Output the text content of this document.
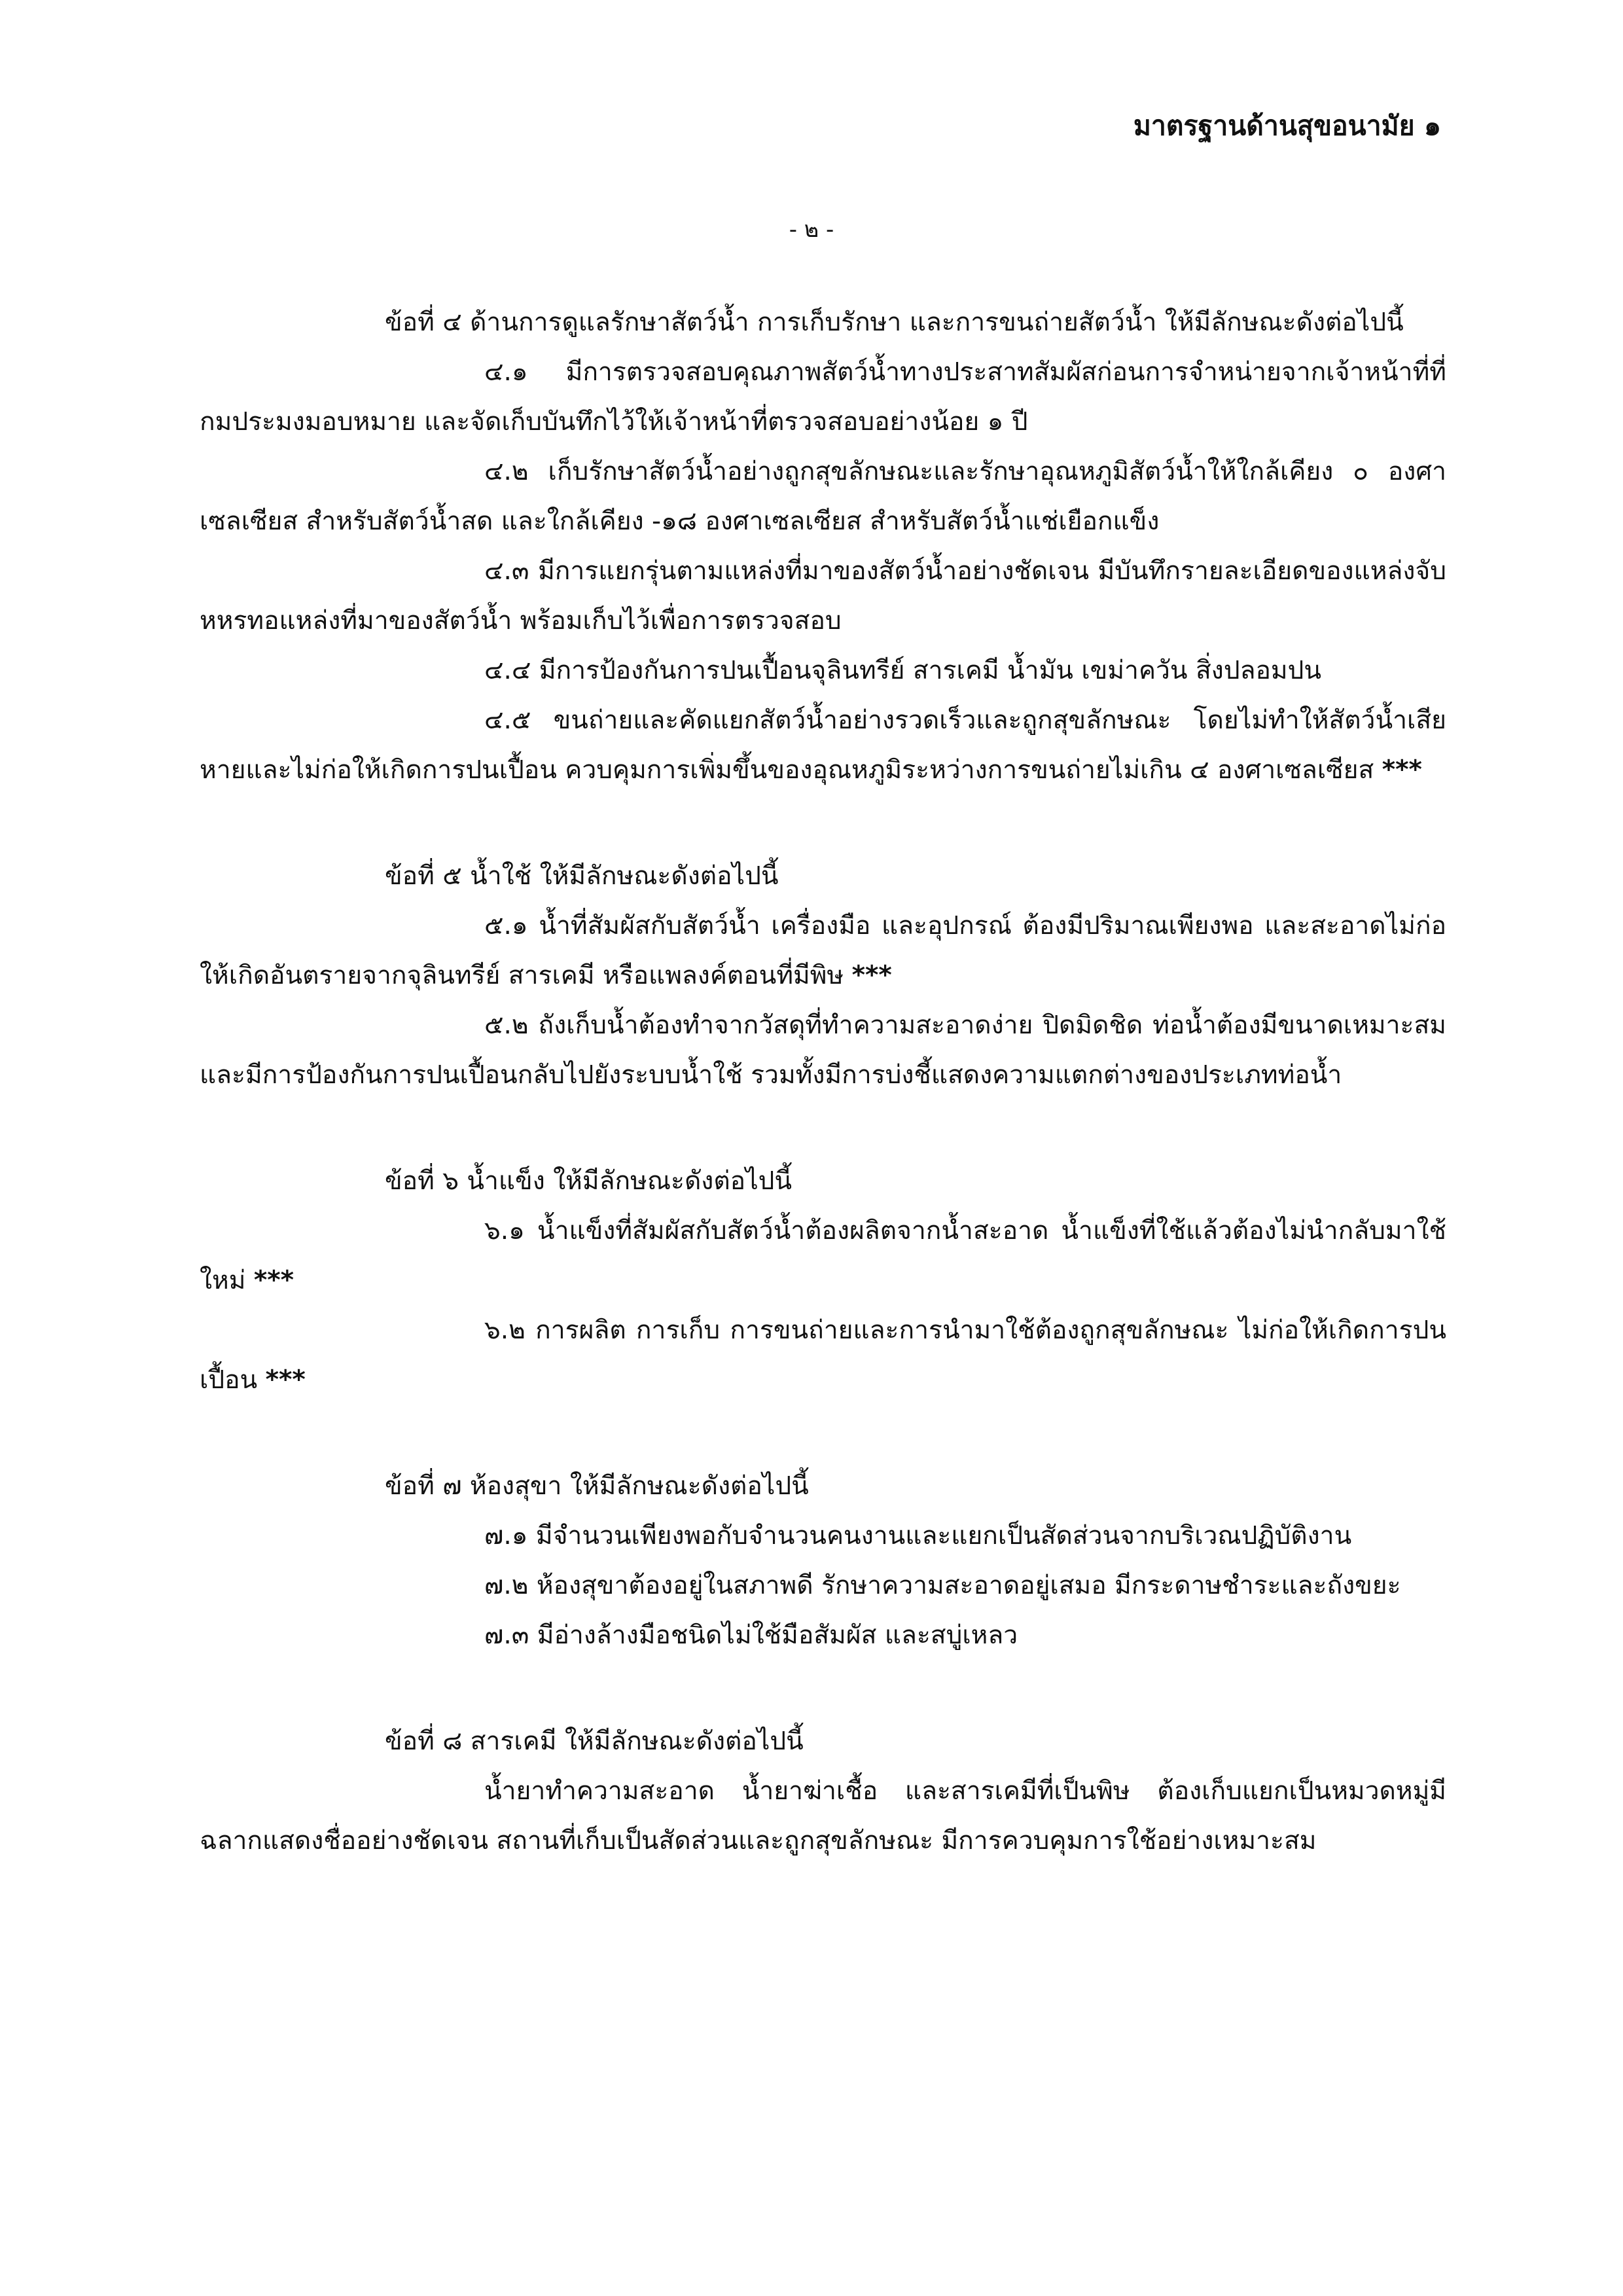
มาตรฐานด้านสุขอนามัย ๑
- ๒ -

ข้อที่ ๔ ด้านการดูแลรักษาสัตว์น้ำ การเก็บรักษา และการขนถ่ายสัตว์น้ำ ให้มีลักษณะดังต่อไปนี้

๔.๑ มีการตรวจสอบคุณภาพสัตว์น้ำทางประสาทสัมผัสก่อนการจำหน่ายจากเจ้าหน้าที่ที่กมประมงมอบหมาย และจัดเก็บบันทึกไว้ให้เจ้าหน้าที่ตรวจสอบอย่างน้อย ๑ ปี

๔.๒ เก็บรักษาสัตว์น้ำอย่างถูกสุขลักษณะและรักษาอุณหภูมิสัตว์น้ำให้ใกล้เคียง ๐ องศาเซลเซียส สำหรับสัตว์น้ำสด และใกล้เคียง -๑๘ องศาเซลเซียส สำหรับสัตว์น้ำแช่เยือกแข็ง

๔.๓ มีการแยกรุ่นตามแหล่งที่มาของสัตว์น้ำอย่างชัดเจน มีบันทึกรายละเอียดของแหล่งจับหหรทอแหล่งที่มาของสัตว์น้ำ พร้อมเก็บไว้เพื่อการตรวจสอบ

๔.๔ มีการป้องกันการปนเปื้อนจุลินทรีย์ สารเคมี น้ำมัน เขม่าควัน สิ่งปลอมปน

๔.๕ ขนถ่ายและคัดแยกสัตว์น้ำอย่างรวดเร็วและถูกสุขลักษณะ โดยไม่ทำให้สัตว์น้ำเสียหายและไม่ก่อให้เกิดการปนเปื้อน ควบคุมการเพิ่มขึ้นของอุณหภูมิระหว่างการขนถ่ายไม่เกิน ๔ องศาเซลเซียส ***

ข้อที่ ๕ น้ำใช้ ให้มีลักษณะดังต่อไปนี้

๕.๑ น้ำที่สัมผัสกับสัตว์น้ำ เครื่องมือ และอุปกรณ์ ต้องมีปริมาณเพียงพอ และสะอาดไม่ก่อให้เกิดอันตรายจากจุลินทรีย์ สารเคมี หรือแพลงค์ตอนที่มีพิษ ***

๕.๒ ถังเก็บน้ำต้องทำจากวัสดุที่ทำความสะอาดง่าย ปิดมิดชิด ท่อน้ำต้องมีขนาดเหมาะสมและมีการป้องกันการปนเปื้อนกลับไปยังระบบน้ำใช้ รวมทั้งมีการบ่งชี้แสดงความแตกต่างของประเภทท่อน้ำ

ข้อที่ ๖ น้ำแข็ง ให้มีลักษณะดังต่อไปนี้

๖.๑ น้ำแข็งที่สัมผัสกับสัตว์น้ำต้องผลิตจากน้ำสะอาด น้ำแข็งที่ใช้แล้วต้องไม่นำกลับมาใช้ใหม่ ***

๖.๒ การผลิต การเก็บ การขนถ่ายและการนำมาใช้ต้องถูกสุขลักษณะ ไม่ก่อให้เกิดการปนเปื้อน ***

ข้อที่ ๗ ห้องสุขา ให้มีลักษณะดังต่อไปนี้

๗.๑ มีจำนวนเพียงพอกับจำนวนคนงานและแยกเป็นสัดส่วนจากบริเวณปฏิบัติงาน

๗.๒ ห้องสุขาต้องอยู่ในสภาพดี รักษาความสะอาดอยู่เสมอ มีกระดาษชำระและถังขยะ

๗.๓ มีอ่างล้างมือชนิดไม่ใช้มือสัมผัส และสบู่เหลว

ข้อที่ ๘ สารเคมี ให้มีลักษณะดังต่อไปนี้

น้ำยาทำความสะอาด น้ำยาฆ่าเชื้อ และสารเคมีที่เป็นพิษ ต้องเก็บแยกเป็นหมวดหมู่มีฉลากแสดงชื่ออย่างชัดเจน สถานที่เก็บเป็นสัดส่วนและถูกสุขลักษณะ มีการควบคุมการใช้อย่างเหมาะสม
